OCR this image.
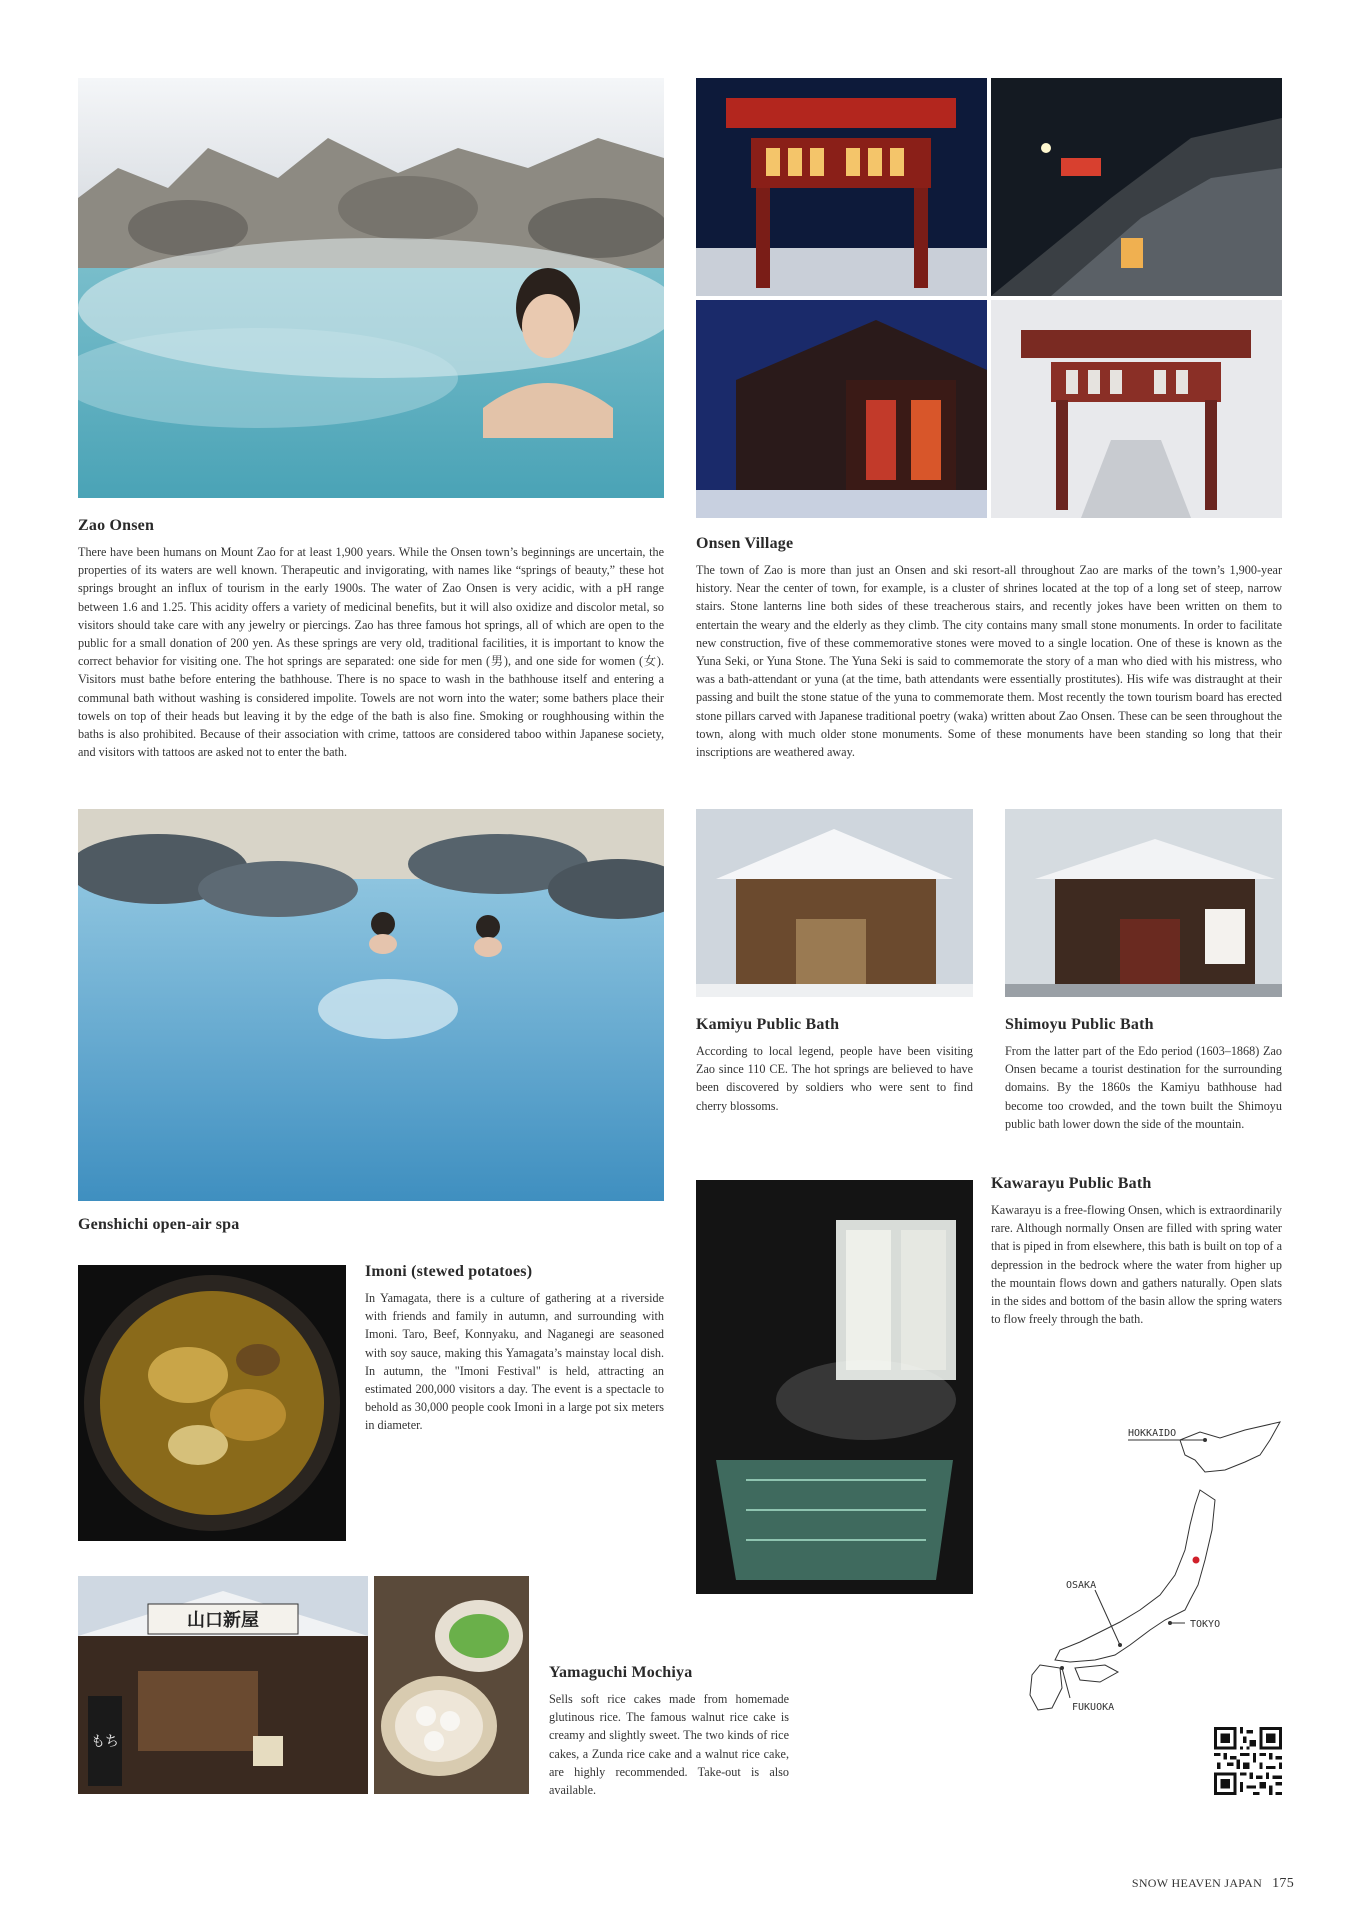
Zao Onsen

There have been humans on Mount Zao for at least 1,900 years. While the Onsen town’s beginnings are uncertain, the properties of its waters are well known. Therapeutic and invigorating, with names like “springs of beauty,” these hot springs brought an influx of tourism in the early 1900s. The water of Zao Onsen is very acidic, with a pH range between 1.6 and 1.25. This acidity offers a variety of medicinal benefits, but it will also oxidize and discolor metal, so visitors should take care with any jewelry or piercings. Zao has three famous hot springs, all of which are open to the public for a small donation of 200 yen. As these springs are very old, traditional facilities, it is important to know the correct behavior for visiting one. The hot springs are separated: one side for men (男), and one side for women (女). Visitors must bathe before entering the bathhouse. There is no space to wash in the bathhouse itself and entering a communal bath without washing is considered impolite. Towels are not worn into the water; some bathers place their towels on top of their heads but leaving it by the edge of the bath is also fine. Smoking or roughhousing within the baths is also prohibited. Because of their association with crime, tattoos are considered taboo within Japanese society, and visitors with tattoos are asked not to enter the bath.

Onsen Village

The town of Zao is more than just an Onsen and ski resort-all throughout Zao are marks of the town’s 1,900-year history. Near the center of town, for example, is a cluster of shrines located at the top of a long set of steep, narrow stairs. Stone lanterns line both sides of these treacherous stairs, and recently jokes have been written on them to entertain the weary and the elderly as they climb. The city contains many small stone monuments. In order to facilitate new construction, five of these commemorative stones were moved to a single location. One of these is known as the Yuna Seki, or Yuna Stone. The Yuna Seki is said to commemorate the story of a man who died with his mistress, who was a bath-attendant or yuna (at the time, bath attendants were essentially prostitutes). His wife was distraught at their passing and built the stone statue of the yuna to commemorate them. Most recently the town tourism board has erected stone pillars carved with Japanese traditional poetry (waka) written about Zao Onsen. These can be seen throughout the town, along with much older stone monuments. Some of these monuments have been standing so long that their inscriptions are weathered away.

Genshichi open-air spa
Kamiyu Public Bath

According to local legend, people have been visiting Zao since 110 CE. The hot springs are believed to have been discovered by soldiers who were sent to find cherry blossoms.

Shimoyu Public Bath

From the latter part of the Edo period (1603–1868) Zao Onsen became a tourist destination for the surrounding domains. By the 1860s the Kamiyu bathhouse had become too crowded, and the town built the Shimoyu public bath lower down the side of the mountain.

Kawarayu Public Bath

Kawarayu is a free-flowing Onsen, which is extraordinarily rare. Although normally Onsen are filled with spring water that is piped in from elsewhere, this bath is built on top of a depression in the bedrock where the water from higher up the mountain flows down and gathers naturally. Open slats in the sides and bottom of the basin allow the spring waters to flow freely through the bath.

Imoni (stewed potatoes)

In Yamagata, there is a culture of gathering at a riverside with friends and family in autumn, and surrounding with Imoni. Taro, Beef, Konnyaku, and Naganegi are seasoned with soy sauce, making this Yamagata’s mainstay local dish. In autumn, the "Imoni Festival" is held, attracting an estimated 200,000 visitors a day. The event is a spectacle to behold as 30,000 people cook Imoni in a large pot six meters in diameter.

山口新屋
もち
Yamaguchi Mochiya

Sells soft rice cakes made from homemade glutinous rice. The famous walnut rice cake is creamy and slightly sweet. The two kinds of rice cakes, a Zunda rice cake and a walnut rice cake, are highly recommended. Take-out is also available.

HOKKAIDO
OSAKA
TOKYO
FUKUOKA
SNOW HEAVEN JAPAN 175
